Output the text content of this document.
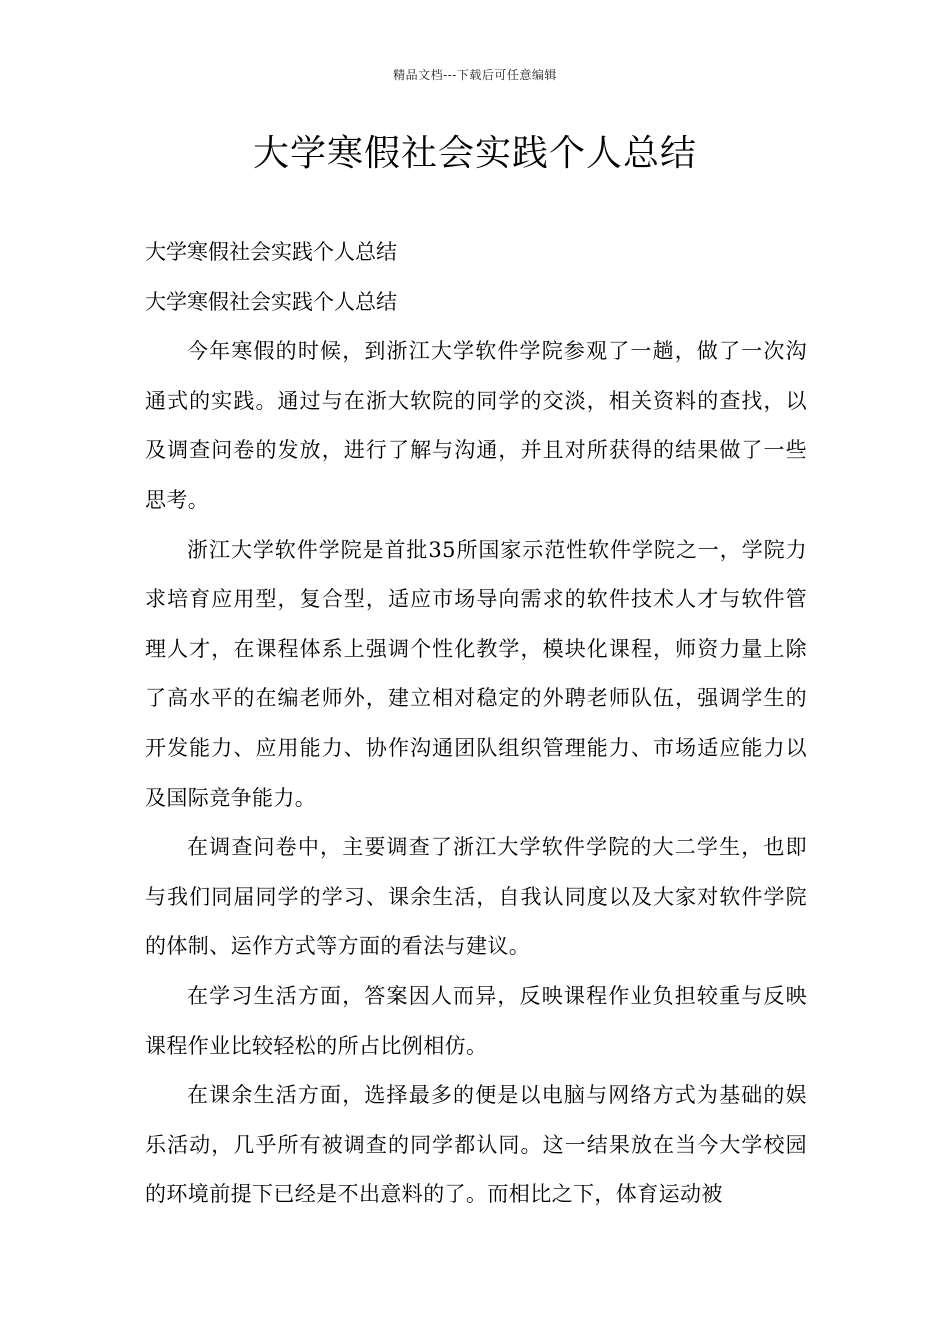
精品文档---下载后可任意编辑
大学寒假社会实践个人总结

大学寒假社会实践个人总结

大学寒假社会实践个人总结

今年寒假的时候，到浙江大学软件学院参观了一趟，做了一次沟通式的实践。通过与在浙大软院的同学的交淡，相关资料的查找，以及调查问卷的发放，进行了解与沟通，并且对所获得的结果做了一些思考。

浙江大学软件学院是首批35所国家示范性软件学院之一，学院力求培育应用型，复合型，适应市场导向需求的软件技术人才与软件管理人才，在课程体系上强调个性化教学，模块化课程，师资力量上除了高水平的在编老师外，建立相对稳定的外聘老师队伍，强调学生的开发能力、应用能力、协作沟通团队组织管理能力、市场适应能力以及国际竞争能力。

在调查问卷中，主要调查了浙江大学软件学院的大二学生，也即与我们同届同学的学习、课余生活，自我认同度以及大家对软件学院的体制、运作方式等方面的看法与建议。

在学习生活方面，答案因人而异，反映课程作业负担较重与反映课程作业比较轻松的所占比例相仿。

在课余生活方面，选择最多的便是以电脑与网络方式为基础的娱乐活动，几乎所有被调查的同学都认同。这一结果放在当今大学校园的环境前提下已经是不出意料的了。而相比之下，体育运动被
